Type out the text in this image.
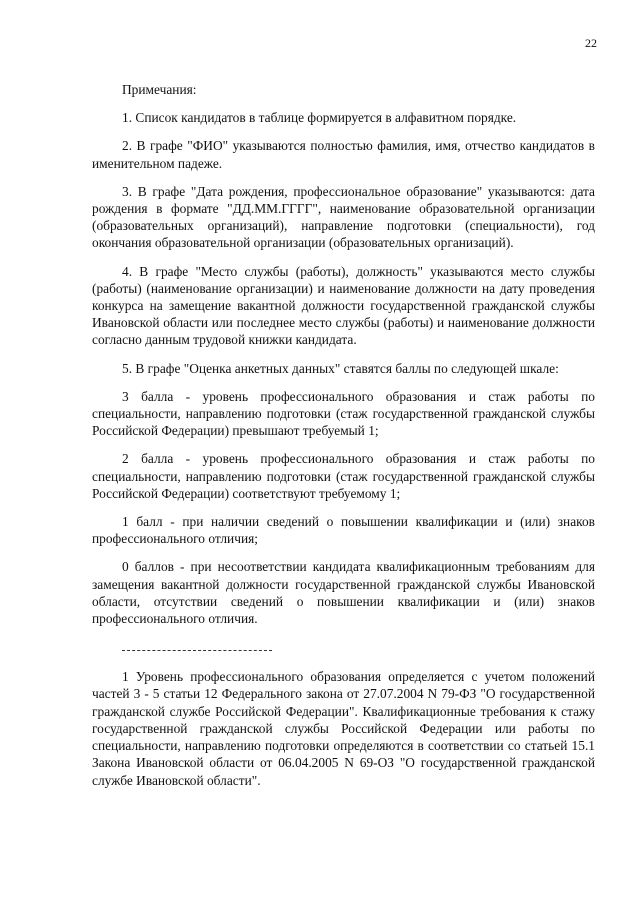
22

Примечания:

1. Список кандидатов в таблице формируется в алфавитном порядке.

2. В графе "ФИО" указываются полностью фамилия, имя, отчество кандидатов в именительном падеже.

3. В графе "Дата рождения, профессиональное образование" указываются: дата рождения в формате "ДД.ММ.ГГГГ", наименование образовательной организации (образовательных организаций), направление подготовки (специальности), год окончания образовательной организации (образовательных организаций).

4. В графе "Место службы (работы), должность" указываются место службы (работы) (наименование организации) и наименование должности на дату проведения конкурса на замещение вакантной должности государственной гражданской службы Ивановской области или последнее место службы (работы) и наименование должности согласно данным трудовой книжки кандидата.

5. В графе "Оценка анкетных данных" ставятся баллы по следующей шкале:

3 балла - уровень профессионального образования и стаж работы по специальности, направлению подготовки (стаж государственной гражданской службы Российской Федерации) превышают требуемый 1;

2 балла - уровень профессионального образования и стаж работы по специальности, направлению подготовки (стаж государственной гражданской службы Российской Федерации) соответствуют требуемому 1;

1 балл - при наличии сведений о повышении квалификации и (или) знаков профессионального отличия;

0 баллов - при несоответствии кандидата квалификационным требованиям для замещения вакантной должности государственной гражданской службы Ивановской области, отсутствии сведений о повышении квалификации и (или) знаков профессионального отличия.

1 Уровень профессионального образования определяется с учетом положений частей 3 - 5 статьи 12 Федерального закона от 27.07.2004 N 79-ФЗ "О государственной гражданской службе Российской Федерации". Квалификационные требования к стажу государственной гражданской службы Российской Федерации или работы по специальности, направлению подготовки определяются в соответствии со статьей 15.1 Закона Ивановской области от 06.04.2005 N 69-ОЗ "О государственной гражданской службе Ивановской области".
